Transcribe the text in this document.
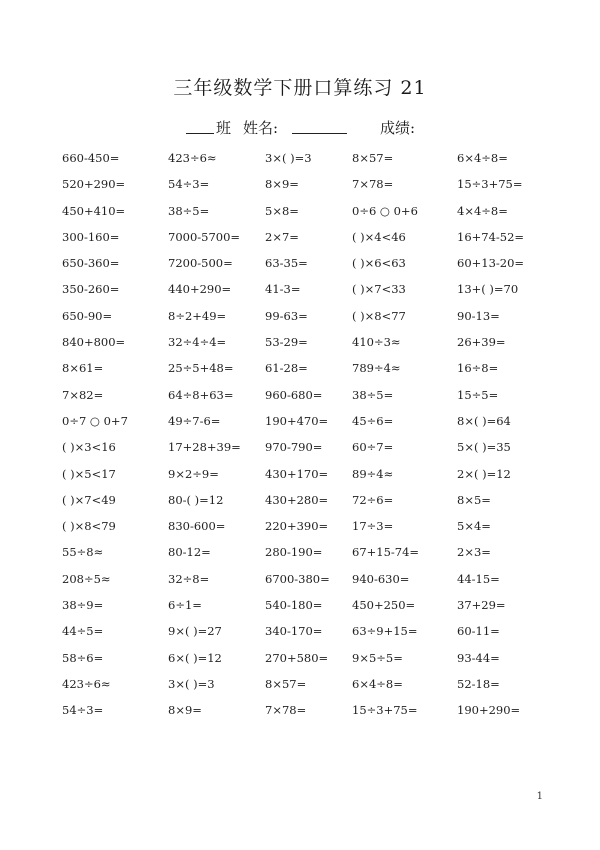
三年级数学下册口算练习 21
班 姓名:	成绩:
660-450=	423÷6≈	3×( )=3	8×57=	6×4÷8=
520+290=	54÷3=	8×9=	7×78=	15÷3+75=
450+410=	38÷5=	5×8=	0÷6 ○ 0+6	4×4÷8=
300-160=	7000-5700= 2×7=	( )×4<46	16+74-52=
650-360=	7200-500=	63-35=	( )×6<63	60+13-20=
350-260=	440+290=	41-3=	( )×7<33	13+( )=70
650-90=	8÷2+49=	99-63=	( )×8<77	90-13=
840+800=	32÷4÷4=	53-29=	410÷3≈	26+39=
8×61=	25÷5+48=	61-28=	789÷4≈	16÷8=
7×82=	64÷8+63=	960-680=	38÷5=	15÷5=
0÷7 ○ 0+7	49÷7-6=	190+470= 45÷6=	8×( )=64
( )×3<16	17+28+39= 970-790=	60÷7=	5×( )=35
( )×5<17	9×2÷9=	430+170= 89÷4≈	2×( )=12
( )×7<49	80-( )=12	430+280= 72÷6=	8×5=
( )×8<79	830-600=	220+390= 17÷3=	5×4=
55÷8≈	80-12=	280-190=	67+15-74=	2×3=
208÷5≈	32÷8=	6700-380= 940-630=	44-15=
38÷9=	6÷1=	540-180=	450+250=	37+29=
44÷5=	9×( )=27	340-170=	63÷9+15=	60-11=
58÷6=	6×( )=12	270+580= 9×5÷5=	93-44=
423÷6≈	3×( )=3	8×57=	6×4÷8=	52-18=
54÷3=	8×9=	7×78=	15÷3+75=	190+290=
1
